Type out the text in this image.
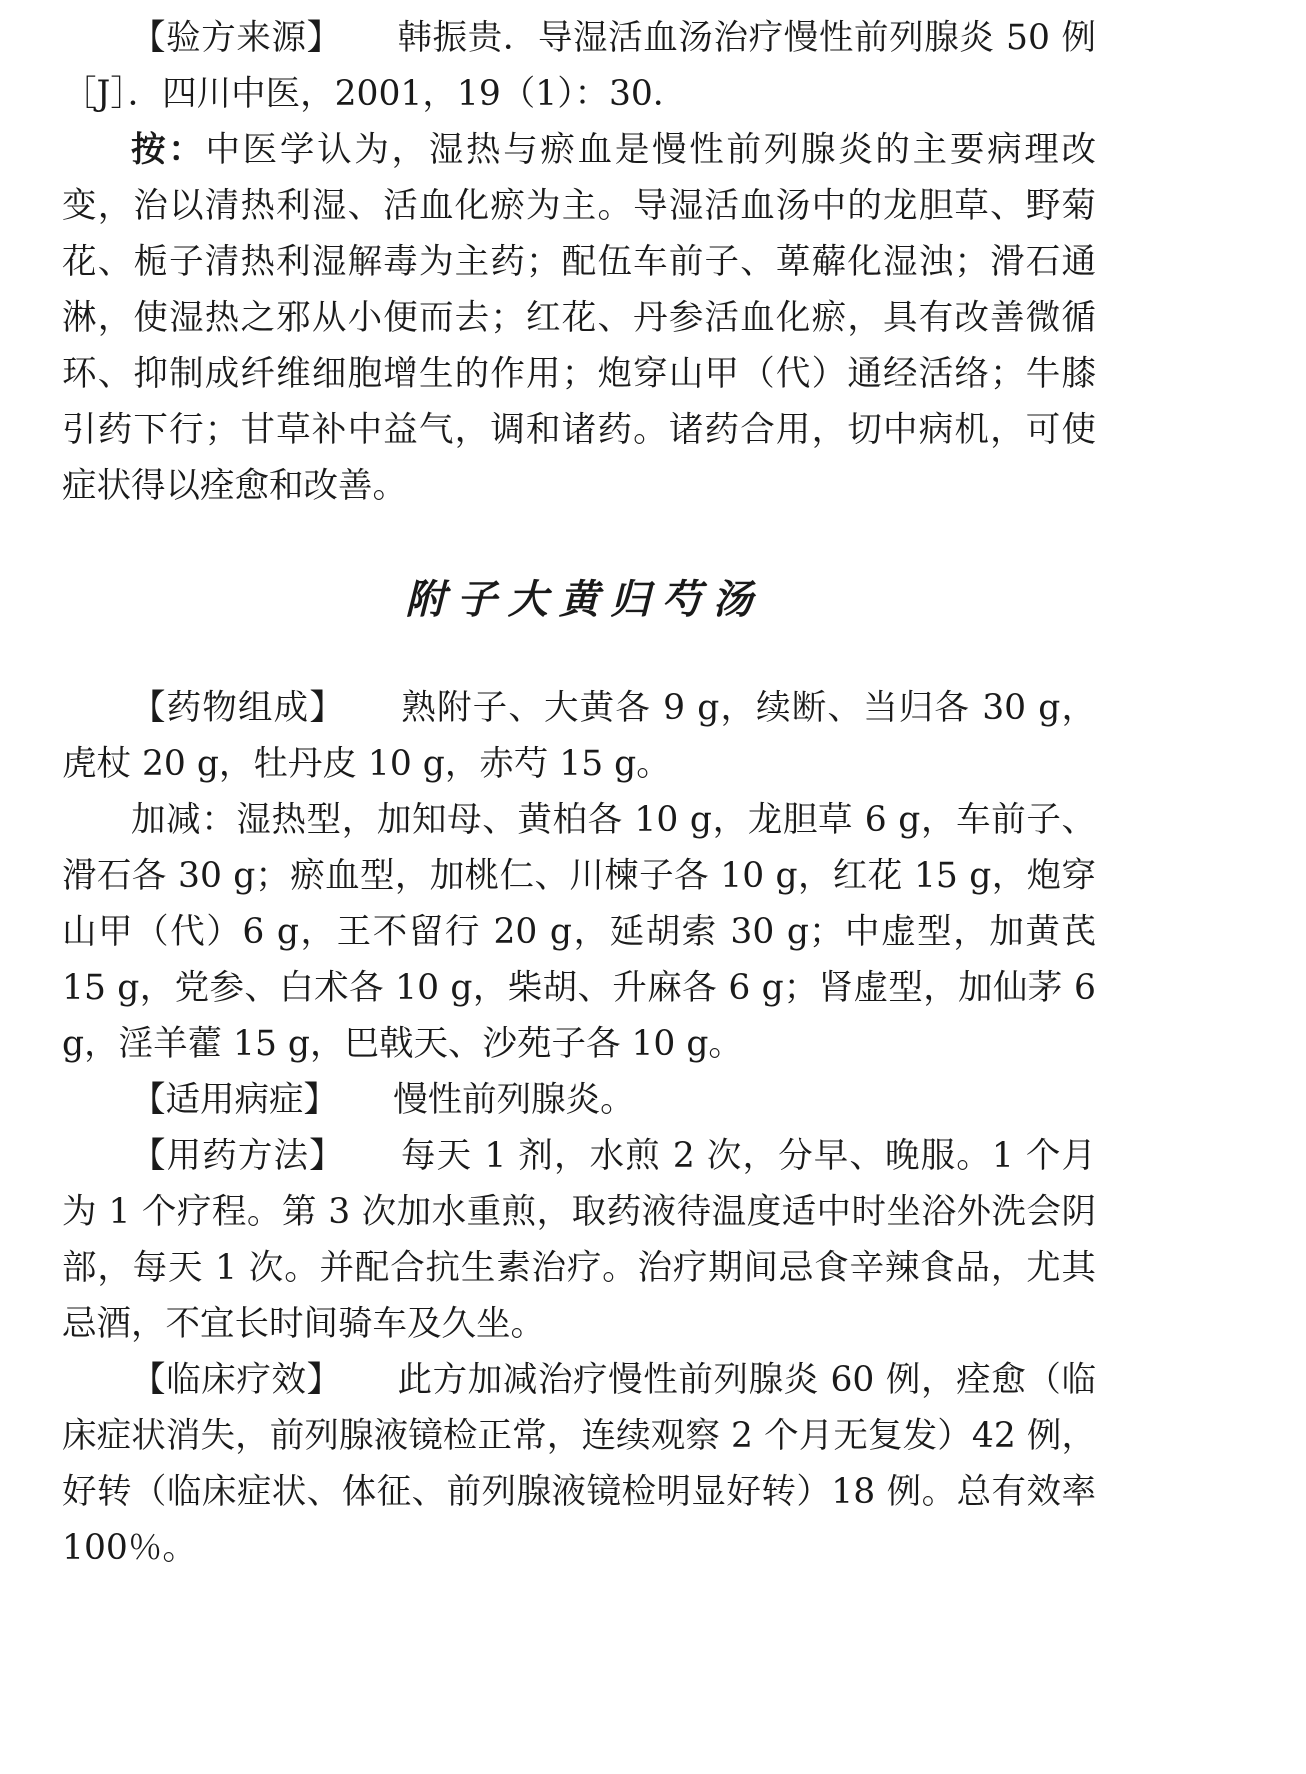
【验方来源】 韩振贵．导湿活血汤治疗慢性前列腺炎 50 例［J］．四川中医，2001，19（1）：30．

按：中医学认为，湿热与瘀血是慢性前列腺炎的主要病理改变，治以清热利湿、活血化瘀为主。导湿活血汤中的龙胆草、野菊花、栀子清热利湿解毒为主药；配伍车前子、萆薢化湿浊；滑石通淋，使湿热之邪从小便而去；红花、丹参活血化瘀，具有改善微循环、抑制成纤维细胞增生的作用；炮穿山甲（代）通经活络；牛膝引药下行；甘草补中益气，调和诸药。诸药合用，切中病机，可使症状得以痊愈和改善。

附子大黄归芍汤

【药物组成】 熟附子、大黄各 9 g，续断、当归各 30 g，虎杖 20 g，牡丹皮 10 g，赤芍 15 g。

加减：湿热型，加知母、黄柏各 10 g，龙胆草 6 g，车前子、滑石各 30 g；瘀血型，加桃仁、川楝子各 10 g，红花 15 g，炮穿山甲（代）6 g，王不留行 20 g，延胡索 30 g；中虚型，加黄芪 15 g，党参、白术各 10 g，柴胡、升麻各 6 g；肾虚型，加仙茅 6 g，淫羊藿 15 g，巴戟天、沙苑子各 10 g。

【适用病症】 慢性前列腺炎。

【用药方法】 每天 1 剂，水煎 2 次，分早、晚服。1 个月为 1 个疗程。第 3 次加水重煎，取药液待温度适中时坐浴外洗会阴部，每天 1 次。并配合抗生素治疗。治疗期间忌食辛辣食品，尤其忌酒，不宜长时间骑车及久坐。

【临床疗效】 此方加减治疗慢性前列腺炎 60 例，痊愈（临床症状消失，前列腺液镜检正常，连续观察 2 个月无复发）42 例，好转（临床症状、体征、前列腺液镜检明显好转）18 例。总有效率 100％。
